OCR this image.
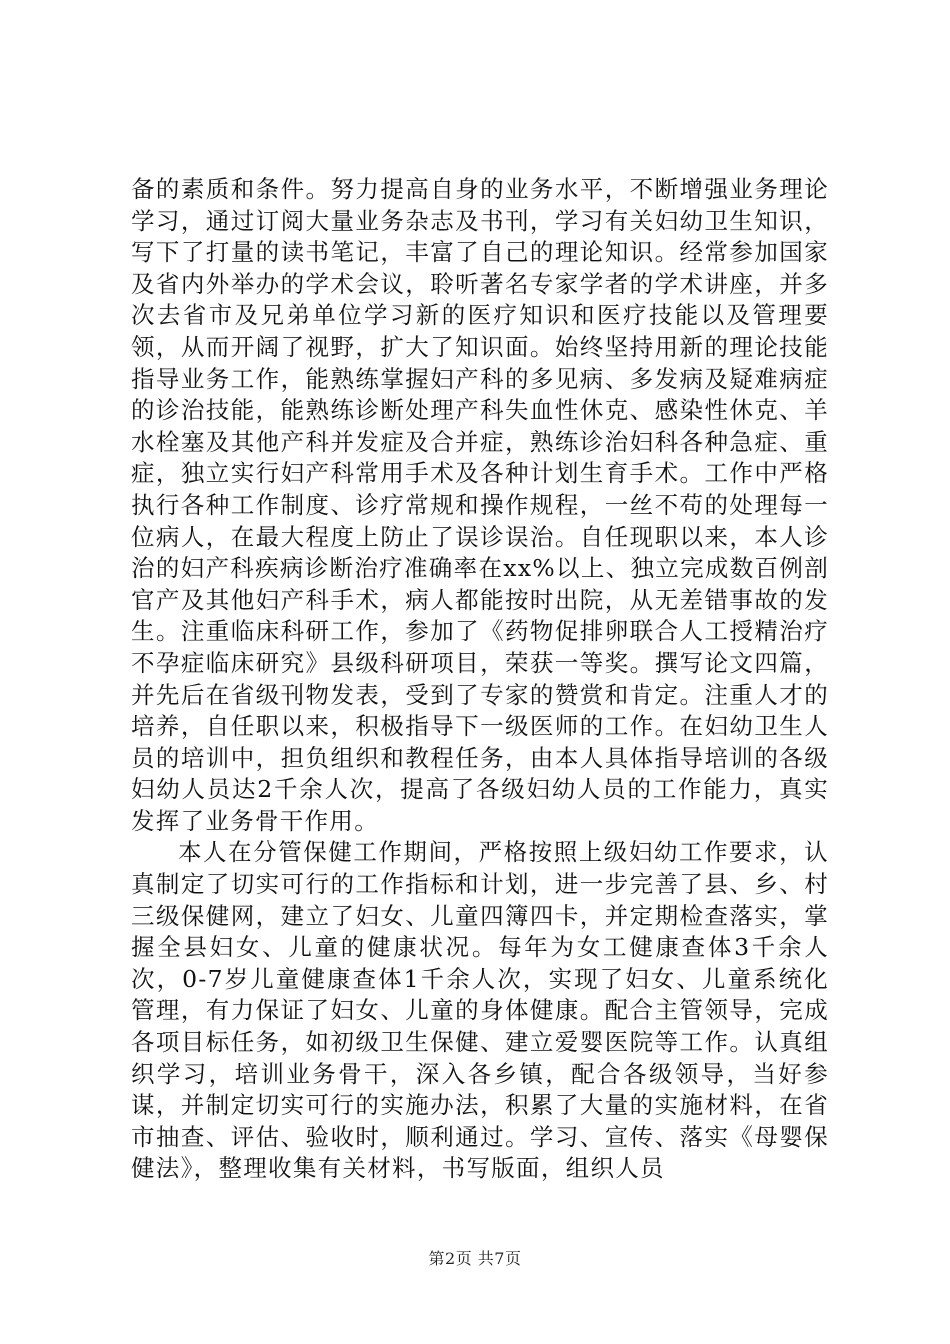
备的素质和条件。努力提高自身的业务水平，不断增强业务理论学习，通过订阅大量业务杂志及书刊，学习有关妇幼卫生知识，写下了打量的读书笔记，丰富了自己的理论知识。经常参加国家及省内外举办的学术会议，聆听著名专家学者的学术讲座，并多次去省市及兄弟单位学习新的医疗知识和医疗技能以及管理要领，从而开阔了视野，扩大了知识面。始终坚持用新的理论技能指导业务工作，能熟练掌握妇产科的多见病、多发病及疑难病症的诊治技能，能熟练诊断处理产科失血性休克、感染性休克、羊水栓塞及其他产科并发症及合并症，熟练诊治妇科各种急症、重症，独立实行妇产科常用手术及各种计划生育手术。工作中严格执行各种工作制度、诊疗常规和操作规程，一丝不苟的处理每一位病人，在最大程度上防止了误诊误治。自任现职以来，本人诊治的妇产科疾病诊断治疗准确率在xx%以上、独立完成数百例剖官产及其他妇产科手术，病人都能按时出院，从无差错事故的发生。注重临床科研工作，参加了《药物促排卵联合人工授精治疗不孕症临床研究》县级科研项目，荣获一等奖。撰写论文四篇，并先后在省级刊物发表，受到了专家的赞赏和肯定。注重人才的培养，自任职以来，积极指导下一级医师的工作。在妇幼卫生人员的培训中，担负组织和教程任务，由本人具体指导培训的各级妇幼人员达2千余人次，提高了各级妇幼人员的工作能力，真实发挥了业务骨干作用。

本人在分管保健工作期间，严格按照上级妇幼工作要求，认真制定了切实可行的工作指标和计划，进一步完善了县、乡、村三级保健网，建立了妇女、儿童四簿四卡，并定期检查落实，掌握全县妇女、儿童的健康状况。每年为女工健康查体3千余人次，0-7岁儿童健康查体1千余人次，实现了妇女、儿童系统化管理，有力保证了妇女、儿童的身体健康。配合主管领导，完成各项目标任务，如初级卫生保健、建立爱婴医院等工作。认真组织学习，培训业务骨干，深入各乡镇，配合各级领导，当好参谋，并制定切实可行的实施办法，积累了大量的实施材料，在省市抽查、评估、验收时，顺利通过。学习、宣传、落实《母婴保健法》，整理收集有关材料，书写版面，组织人员

第2页 共7页
